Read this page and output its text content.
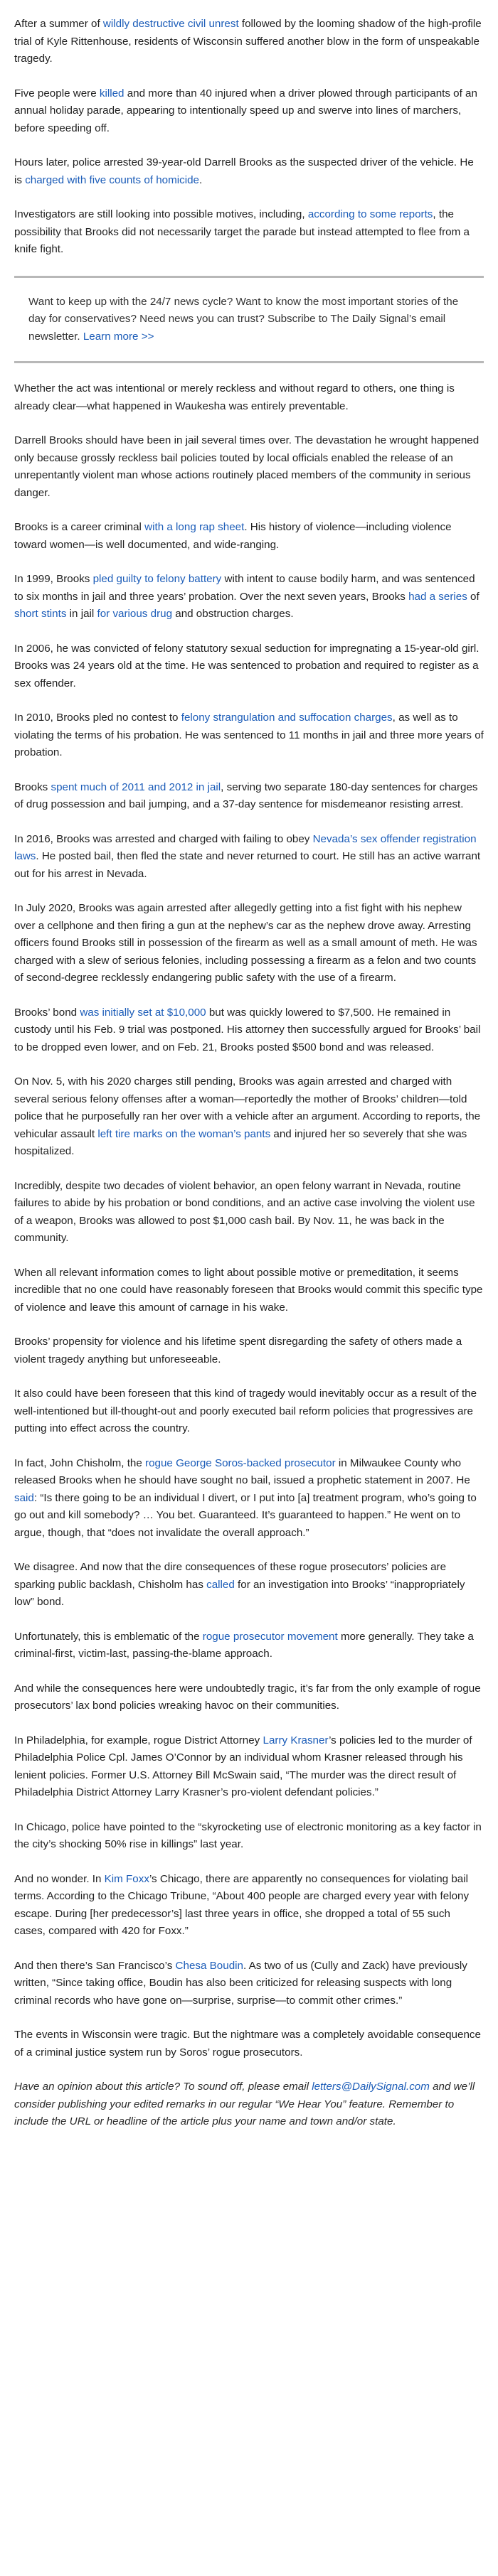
After a summer of wildly destructive civil unrest followed by the looming shadow of the high-profile trial of Kyle Rittenhouse, residents of Wisconsin suffered another blow in the form of unspeakable tragedy.

Five people were killed and more than 40 injured when a driver plowed through participants of an annual holiday parade, appearing to intentionally speed up and swerve into lines of marchers, before speeding off.

Hours later, police arrested 39-year-old Darrell Brooks as the suspected driver of the vehicle. He is charged with five counts of homicide.

Investigators are still looking into possible motives, including, according to some reports, the possibility that Brooks did not necessarily target the parade but instead attempted to flee from a knife fight.

Want to keep up with the 24/7 news cycle? Want to know the most important stories of the day for conservatives? Need news you can trust? Subscribe to The Daily Signal’s email newsletter. Learn more >>

Whether the act was intentional or merely reckless and without regard to others, one thing is already clear—what happened in Waukesha was entirely preventable.

Darrell Brooks should have been in jail several times over. The devastation he wrought happened only because grossly reckless bail policies touted by local officials enabled the release of an unrepentantly violent man whose actions routinely placed members of the community in serious danger.

Brooks is a career criminal with a long rap sheet. His history of violence—including violence toward women—is well documented, and wide-ranging.

In 1999, Brooks pled guilty to felony battery with intent to cause bodily harm, and was sentenced to six months in jail and three years’ probation. Over the next seven years, Brooks had a series of short stints in jail for various drug and obstruction charges.

In 2006, he was convicted of felony statutory sexual seduction for impregnating a 15-year-old girl. Brooks was 24 years old at the time. He was sentenced to probation and required to register as a sex offender.

In 2010, Brooks pled no contest to felony strangulation and suffocation charges, as well as to violating the terms of his probation. He was sentenced to 11 months in jail and three more years of probation.

Brooks spent much of 2011 and 2012 in jail, serving two separate 180-day sentences for charges of drug possession and bail jumping, and a 37-day sentence for misdemeanor resisting arrest.

In 2016, Brooks was arrested and charged with failing to obey Nevada’s sex offender registration laws. He posted bail, then fled the state and never returned to court. He still has an active warrant out for his arrest in Nevada.

In July 2020, Brooks was again arrested after allegedly getting into a fist fight with his nephew over a cellphone and then firing a gun at the nephew’s car as the nephew drove away. Arresting officers found Brooks still in possession of the firearm as well as a small amount of meth. He was charged with a slew of serious felonies, including possessing a firearm as a felon and two counts of second-degree recklessly endangering public safety with the use of a firearm.

Brooks’ bond was initially set at $10,000 but was quickly lowered to $7,500. He remained in custody until his Feb. 9 trial was postponed. His attorney then successfully argued for Brooks’ bail to be dropped even lower, and on Feb. 21, Brooks posted $500 bond and was released.

On Nov. 5, with his 2020 charges still pending, Brooks was again arrested and charged with several serious felony offenses after a woman—reportedly the mother of Brooks’ children—told police that he purposefully ran her over with a vehicle after an argument. According to reports, the vehicular assault left tire marks on the woman’s pants and injured her so severely that she was hospitalized.

Incredibly, despite two decades of violent behavior, an open felony warrant in Nevada, routine failures to abide by his probation or bond conditions, and an active case involving the violent use of a weapon, Brooks was allowed to post $1,000 cash bail. By Nov. 11, he was back in the community.

When all relevant information comes to light about possible motive or premeditation, it seems incredible that no one could have reasonably foreseen that Brooks would commit this specific type of violence and leave this amount of carnage in his wake.

Brooks’ propensity for violence and his lifetime spent disregarding the safety of others made a violent tragedy anything but unforeseeable.

It also could have been foreseen that this kind of tragedy would inevitably occur as a result of the well-intentioned but ill-thought-out and poorly executed bail reform policies that progressives are putting into effect across the country.

In fact, John Chisholm, the rogue George Soros-backed prosecutor in Milwaukee County who released Brooks when he should have sought no bail, issued a prophetic statement in 2007. He said: “Is there going to be an individual I divert, or I put into [a] treatment program, who’s going to go out and kill somebody? … You bet. Guaranteed. It’s guaranteed to happen.” He went on to argue, though, that “does not invalidate the overall approach.”

We disagree. And now that the dire consequences of these rogue prosecutors’ policies are sparking public backlash, Chisholm has called for an investigation into Brooks’ “inappropriately low” bond.

Unfortunately, this is emblematic of the rogue prosecutor movement more generally. They take a criminal-first, victim-last, passing-the-blame approach.

And while the consequences here were undoubtedly tragic, it’s far from the only example of rogue prosecutors’ lax bond policies wreaking havoc on their communities.

In Philadelphia, for example, rogue District Attorney Larry Krasner’s policies led to the murder of Philadelphia Police Cpl. James O’Connor by an individual whom Krasner released through his lenient policies. Former U.S. Attorney Bill McSwain said, “The murder was the direct result of Philadelphia District Attorney Larry Krasner’s pro-violent defendant policies.”

In Chicago, police have pointed to the “skyrocketing use of electronic monitoring as a key factor in the city’s shocking 50% rise in killings” last year.

And no wonder. In Kim Foxx’s Chicago, there are apparently no consequences for violating bail terms. According to the Chicago Tribune, “About 400 people are charged every year with felony escape. During [her predecessor’s] last three years in office, she dropped a total of 55 such cases, compared with 420 for Foxx.”

And then there’s San Francisco’s Chesa Boudin. As two of us (Cully and Zack) have previously written, “Since taking office, Boudin has also been criticized for releasing suspects with long criminal records who have gone on—surprise, surprise—to commit other crimes.”

The events in Wisconsin were tragic. But the nightmare was a completely avoidable consequence of a criminal justice system run by Soros’ rogue prosecutors.

Have an opinion about this article? To sound off, please email letters@DailySignal.com and we’ll consider publishing your edited remarks in our regular “We Hear You” feature. Remember to include the URL or headline of the article plus your name and town and/or state.
